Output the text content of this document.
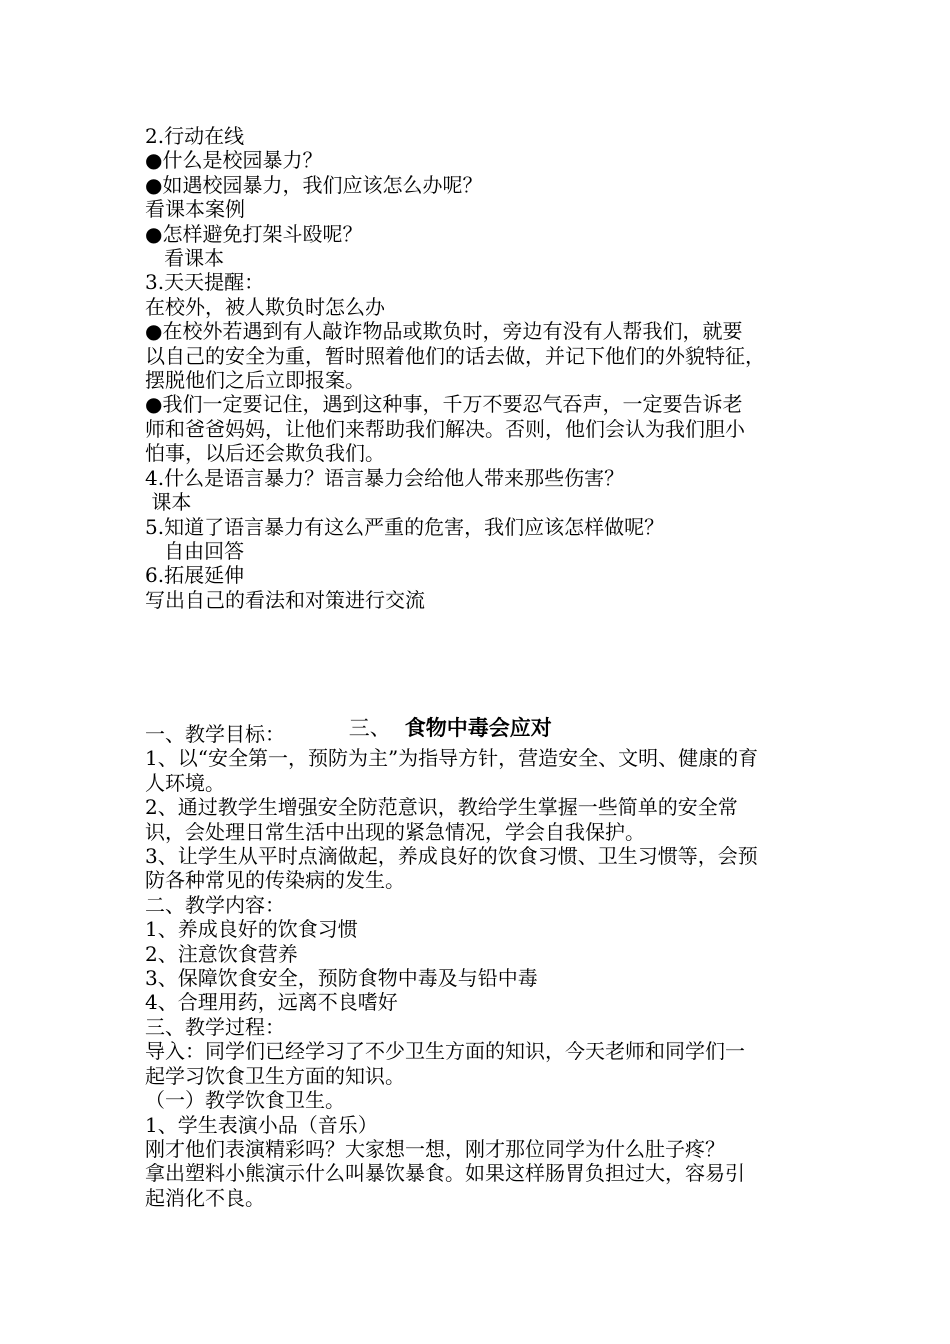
2.行动在线
●什么是校园暴力？
●如遇校园暴力，我们应该怎么办呢？
看课本案例
●怎样避免打架斗殴呢？
看课本
3.天天提醒：
在校外，被人欺负时怎么办
●在校外若遇到有人敲诈物品或欺负时，旁边有没有人帮我们，就要
以自己的安全为重，暂时照着他们的话去做，并记下他们的外貌特征，
摆脱他们之后立即报案。
●我们一定要记住，遇到这种事，千万不要忍气吞声，一定要告诉老
师和爸爸妈妈，让他们来帮助我们解决。否则，他们会认为我们胆小
怕事，以后还会欺负我们。
4.什么是语言暴力？语言暴力会给他人带来那些伤害？
课本
5.知道了语言暴力有这么严重的危害，我们应该怎样做呢？
自由回答
6.拓展延伸
写出自己的看法和对策进行交流

三、 食物中毒会应对

一、教学目标：
1、以“安全第一，预防为主”为指导方针，营造安全、文明、健康的育
人环境。
2、通过教学生增强安全防范意识，教给学生掌握一些简单的安全常
识，会处理日常生活中出现的紧急情况，学会自我保护。
3、让学生从平时点滴做起，养成良好的饮食习惯、卫生习惯等，会预
防各种常见的传染病的发生。
二、教学内容：
1、养成良好的饮食习惯
2、注意饮食营养
3、保障饮食安全，预防食物中毒及与铅中毒
4、合理用药，远离不良嗜好
三、教学过程：
导入：同学们已经学习了不少卫生方面的知识，今天老师和同学们一
起学习饮食卫生方面的知识。
（一）教学饮食卫生。
1、学生表演小品（音乐）
刚才他们表演精彩吗？大家想一想，刚才那位同学为什么肚子疼？
拿出塑料小熊演示什么叫暴饮暴食。如果这样肠胃负担过大，容易引
起消化不良。
